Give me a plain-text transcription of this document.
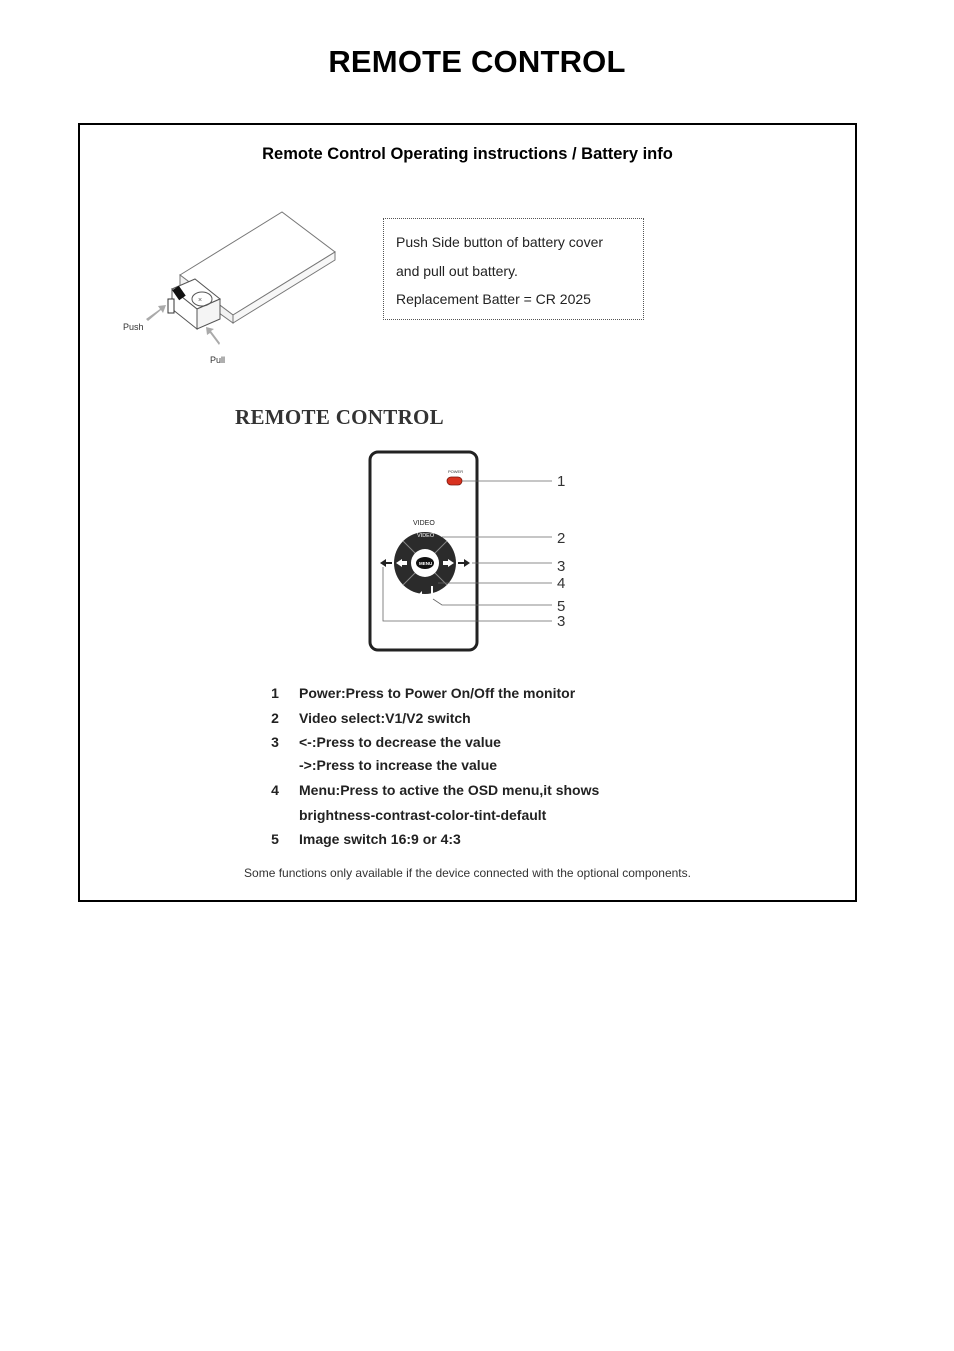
REMOTE CONTROL
Remote Control Operating instructions / Battery info
×
Push
Pull
Push Side button of battery cover
and pull out battery.
Replacement Batter = CR 2025
REMOTE CONTROL
POWER
MENU
VIDEO
VIDEO
1
2
3
4
5
3
1	Power:Press to Power On/Off the monitor
2	Video select:V1/V2 switch
3	<-:Press to decrease the value
->:Press to increase the value
4	Menu:Press to active the OSD menu,it shows
brightness-contrast-color-tint-default
5	Image switch 16:9 or 4:3
Some functions only available if the device connected with the optional components.
